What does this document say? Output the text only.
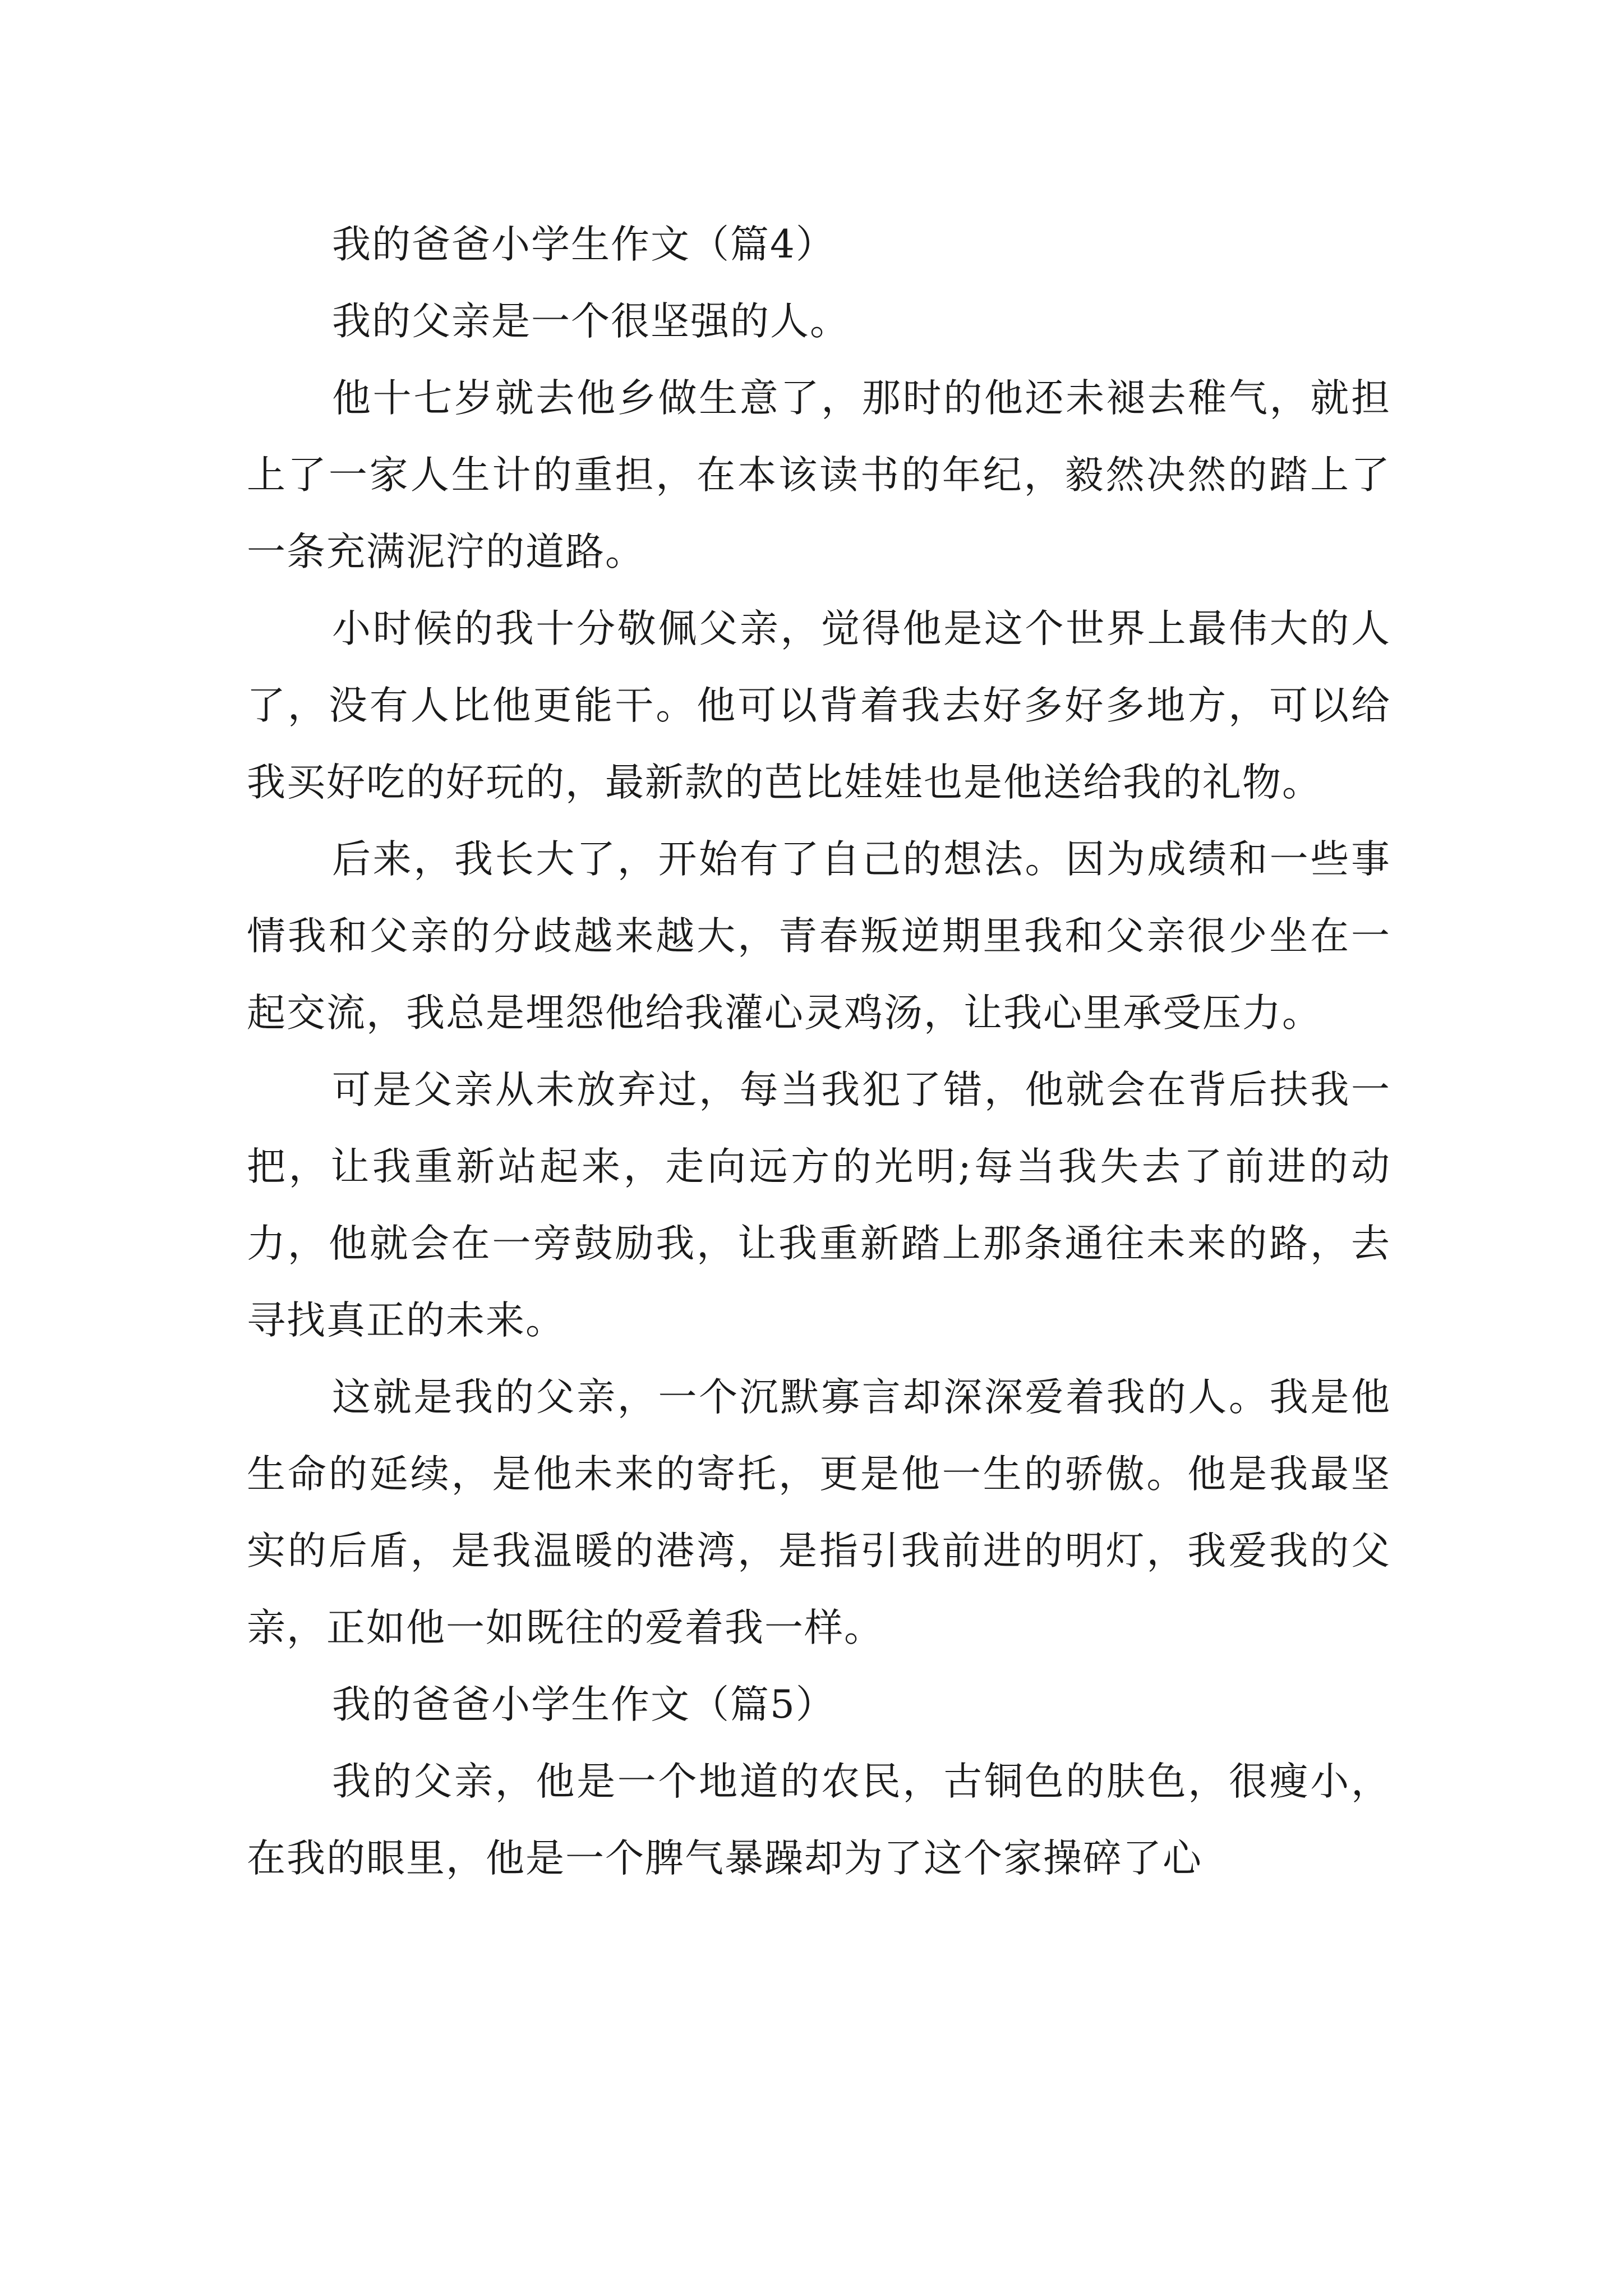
我的爸爸小学生作文（篇4）

我的父亲是一个很坚强的人。

他十七岁就去他乡做生意了，那时的他还未褪去稚气，就担上了一家人生计的重担，在本该读书的年纪，毅然决然的踏上了一条充满泥泞的道路。

小时候的我十分敬佩父亲，觉得他是这个世界上最伟大的人了，没有人比他更能干。他可以背着我去好多好多地方，可以给我买好吃的好玩的，最新款的芭比娃娃也是他送给我的礼物。

后来，我长大了，开始有了自己的想法。因为成绩和一些事情我和父亲的分歧越来越大，青春叛逆期里我和父亲很少坐在一起交流，我总是埋怨他给我灌心灵鸡汤，让我心里承受压力。

可是父亲从未放弃过，每当我犯了错，他就会在背后扶我一把，让我重新站起来，走向远方的光明;每当我失去了前进的动力，他就会在一旁鼓励我，让我重新踏上那条通往未来的路，去寻找真正的未来。

这就是我的父亲，一个沉默寡言却深深爱着我的人。我是他生命的延续，是他未来的寄托，更是他一生的骄傲。他是我最坚实的后盾，是我温暖的港湾，是指引我前进的明灯，我爱我的父亲，正如他一如既往的爱着我一样。

我的爸爸小学生作文（篇5）

我的父亲，他是一个地道的农民，古铜色的肤色，很瘦小，在我的眼里，他是一个脾气暴躁却为了这个家操碎了心
